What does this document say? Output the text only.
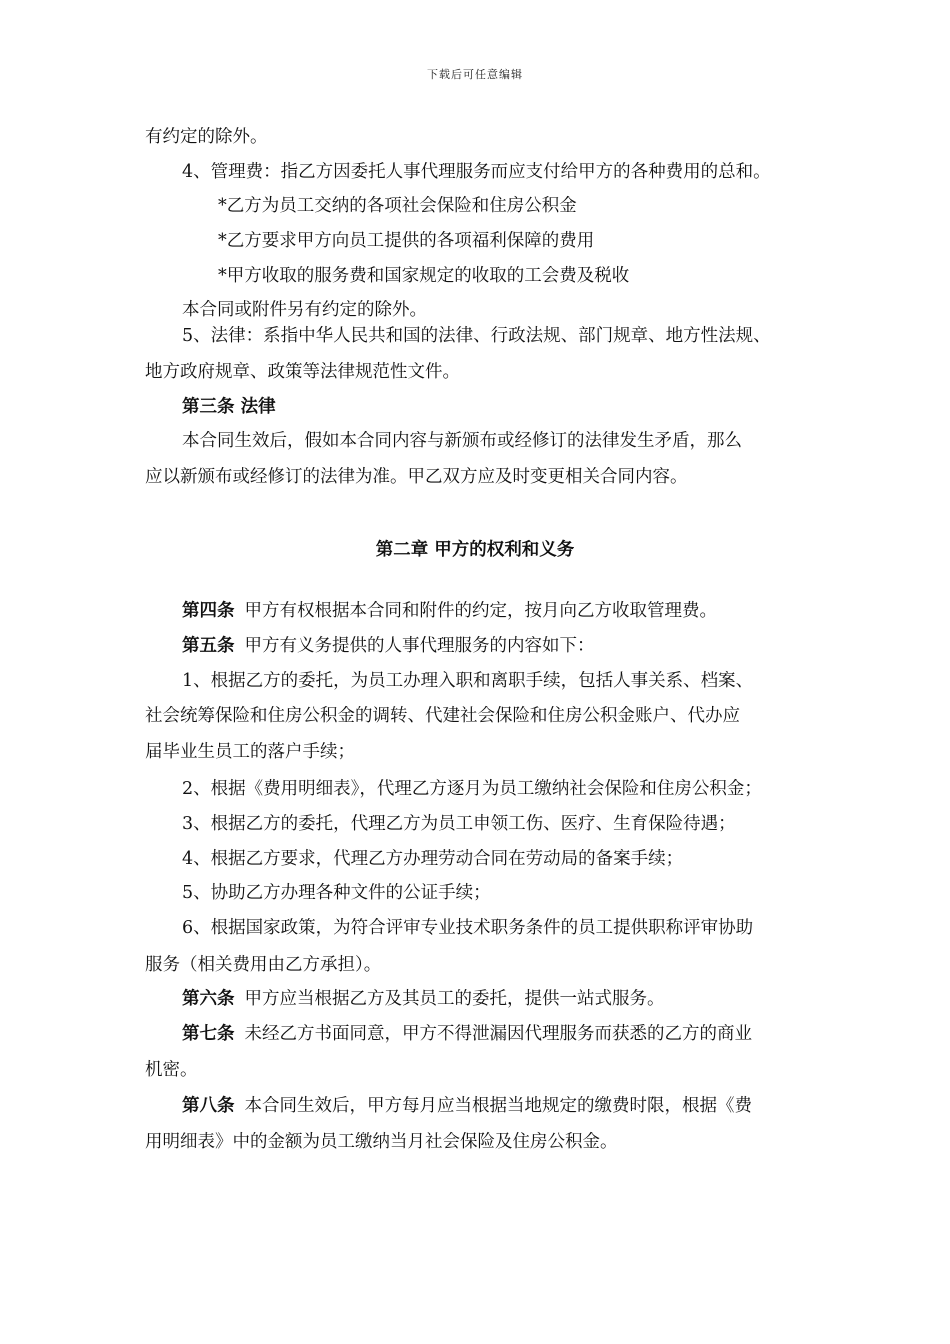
下载后可任意编辑
有约定的除外。
4、管理费：指乙方因委托人事代理服务而应支付给甲方的各种费用的总和。
*乙方为员工交纳的各项社会保险和住房公积金
*乙方要求甲方向员工提供的各项福利保障的费用
*甲方收取的服务费和国家规定的收取的工会费及税收
本合同或附件另有约定的除外。
5、法律：系指中华人民共和国的法律、行政法规、部门规章、地方性法规、
地方政府规章、政策等法律规范性文件。
第三条 法律
本合同生效后，假如本合同内容与新颁布或经修订的法律发生矛盾，那么
应以新颁布或经修订的法律为准。甲乙双方应及时变更相关合同内容。
第二章 甲方的权利和义务
第四条 甲方有权根据本合同和附件的约定，按月向乙方收取管理费。
第五条 甲方有义务提供的人事代理服务的内容如下：
1、根据乙方的委托，为员工办理入职和离职手续，包括人事关系、档案、
社会统筹保险和住房公积金的调转、代建社会保险和住房公积金账户、代办应
届毕业生员工的落户手续；
2、根据《费用明细表》，代理乙方逐月为员工缴纳社会保险和住房公积金；
3、根据乙方的委托，代理乙方为员工申领工伤、医疗、生育保险待遇；
4、根据乙方要求，代理乙方办理劳动合同在劳动局的备案手续；
5、协助乙方办理各种文件的公证手续；
6、根据国家政策，为符合评审专业技术职务条件的员工提供职称评审协助
服务（相关费用由乙方承担）。
第六条 甲方应当根据乙方及其员工的委托，提供一站式服务。
第七条 未经乙方书面同意，甲方不得泄漏因代理服务而获悉的乙方的商业
机密。
第八条 本合同生效后，甲方每月应当根据当地规定的缴费时限，根据《费
用明细表》中的金额为员工缴纳当月社会保险及住房公积金。
